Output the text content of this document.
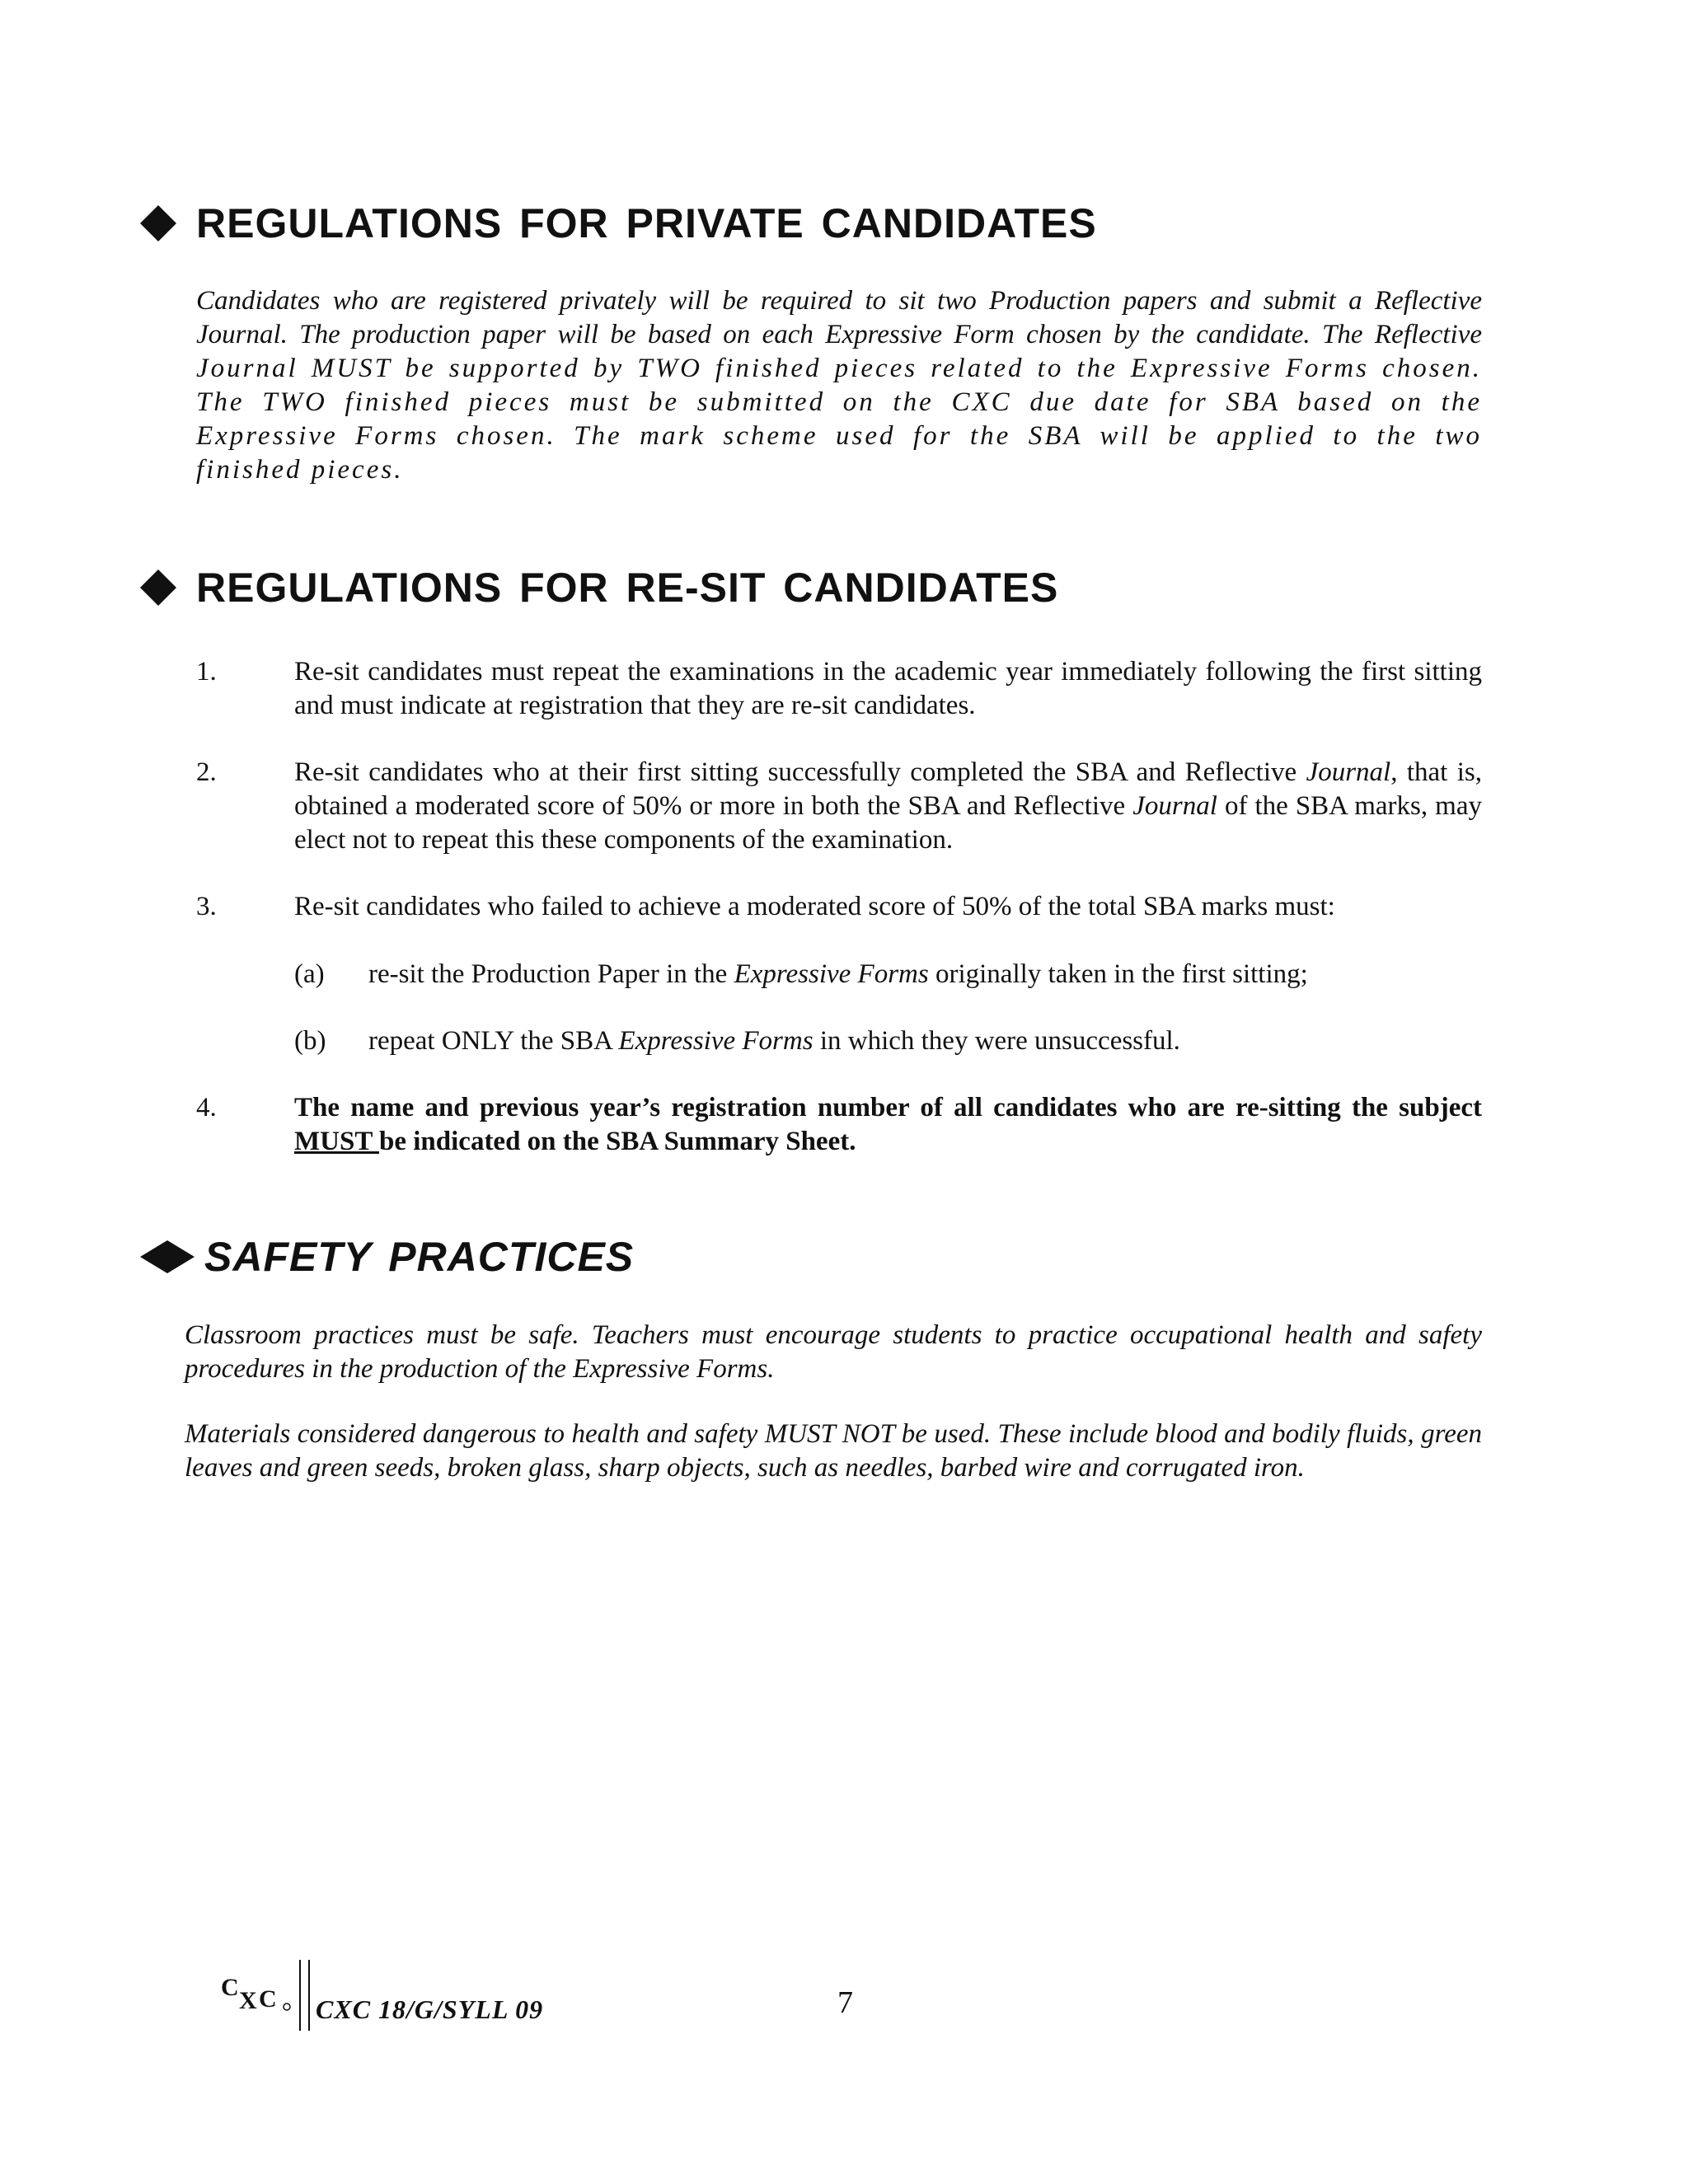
REGULATIONS FOR PRIVATE CANDIDATES
Candidates who are registered privately will be required to sit two Production papers and submit a Reflective
Journal. The production paper will be based on each Expressive Form chosen by the candidate. The Reflective
Journal MUST be supported by TWO finished pieces related to the Expressive Forms chosen.
The TWO finished pieces must be submitted on the CXC due date for SBA based on the
Expressive Forms chosen. The mark scheme used for the SBA will be applied to the two
finished pieces.
REGULATIONS FOR RE-SIT CANDIDATES
1.	Re-sit candidates must repeat the examinations in the academic year immediately following the first sitting and must indicate at registration that they are re-sit candidates.
2.	Re-sit candidates who at their first sitting successfully completed the SBA and Reflective Journal, that is, obtained a moderated score of 50% or more in both the SBA and Reflective Journal of the SBA marks, may elect not to repeat this these components of the examination.
3.	Re-sit candidates who failed to achieve a moderated score of 50% of the total SBA marks must:
(a)	re-sit the Production Paper in the Expressive Forms originally taken in the first sitting;
(b)	repeat ONLY the SBA Expressive Forms in which they were unsuccessful.
4.	The name and previous year’s registration number of all candidates who are re-sitting the subject MUST be indicated on the SBA Summary Sheet.
SAFETY PRACTICES
Classroom practices must be safe. Teachers must encourage students to practice occupational health and safety procedures in the production of the Expressive Forms.
Materials considered dangerous to health and safety MUST NOT be used. These include blood and bodily fluids, green leaves and green seeds, broken glass, sharp objects, such as needles, barbed wire and corrugated iron.
C X C CXC 18/G/SYLL 09	7
